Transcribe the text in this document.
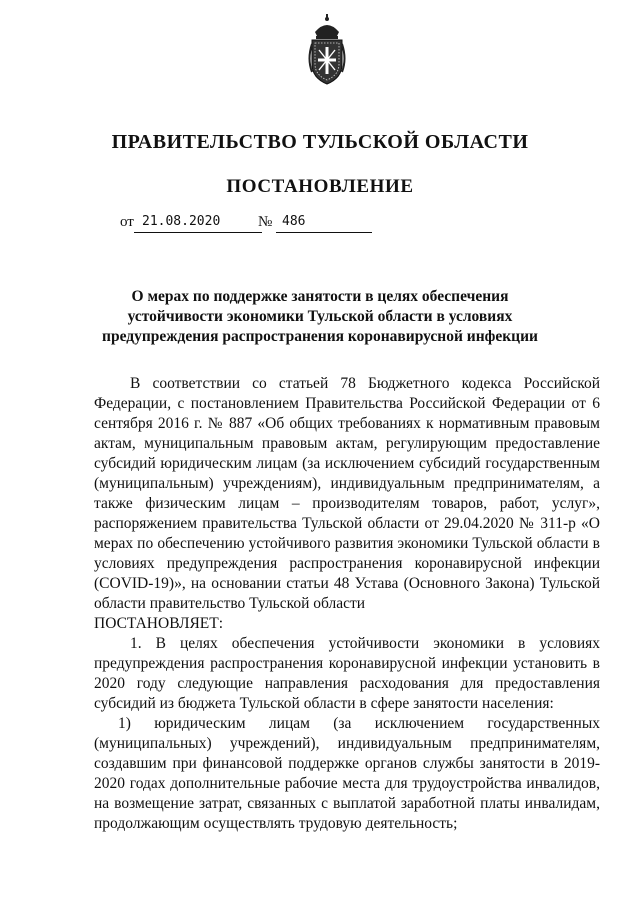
ПРАВИТЕЛЬСТВО ТУЛЬСКОЙ ОБЛАСТИ
ПОСТАНОВЛЕНИЕ
от 21.08.2020	№ 486
О мерах по поддержке занятости в целях обеспечения устойчивости экономики Тульской области в условиях предупреждения распространения коронавирусной инфекции

В соответствии со статьей 78 Бюджетного кодекса Российской Федерации, с постановлением Правительства Российской Федерации от 6 сентября 2016 г. № 887 «Об общих требованиях к нормативным правовым актам, муниципальным правовым актам, регулирующим предоставление субсидий юридическим лицам (за исключением субсидий государственным (муниципальным) учреждениям), индивидуальным предпринимателям, а также физическим лицам – производителям товаров, работ, услуг», распоряжением правительства Тульской области от 29.04.2020 № 311-р «О мерах по обеспечению устойчивого развития экономики Тульской области в условиях предупреждения распространения коронавирусной инфекции (COVID-19)», на основании статьи 48 Устава (Основного Закона) Тульской области правительство Тульской области

ПОСТАНОВЛЯЕТ:

1. В целях обеспечения устойчивости экономики в условиях предупреждения распространения коронавирусной инфекции установить в 2020 году следующие направления расходования для предоставления субсидий из бюджета Тульской области в сфере занятости населения:

1) юридическим лицам (за исключением государственных (муниципальных) учреждений), индивидуальным предпринимателям, создавшим при финансовой поддержке органов службы занятости в 2019-2020 годах дополнительные рабочие места для трудоустройства инвалидов, на возмещение затрат, связанных с выплатой заработной платы инвалидам, продолжающим осуществлять трудовую деятельность;
